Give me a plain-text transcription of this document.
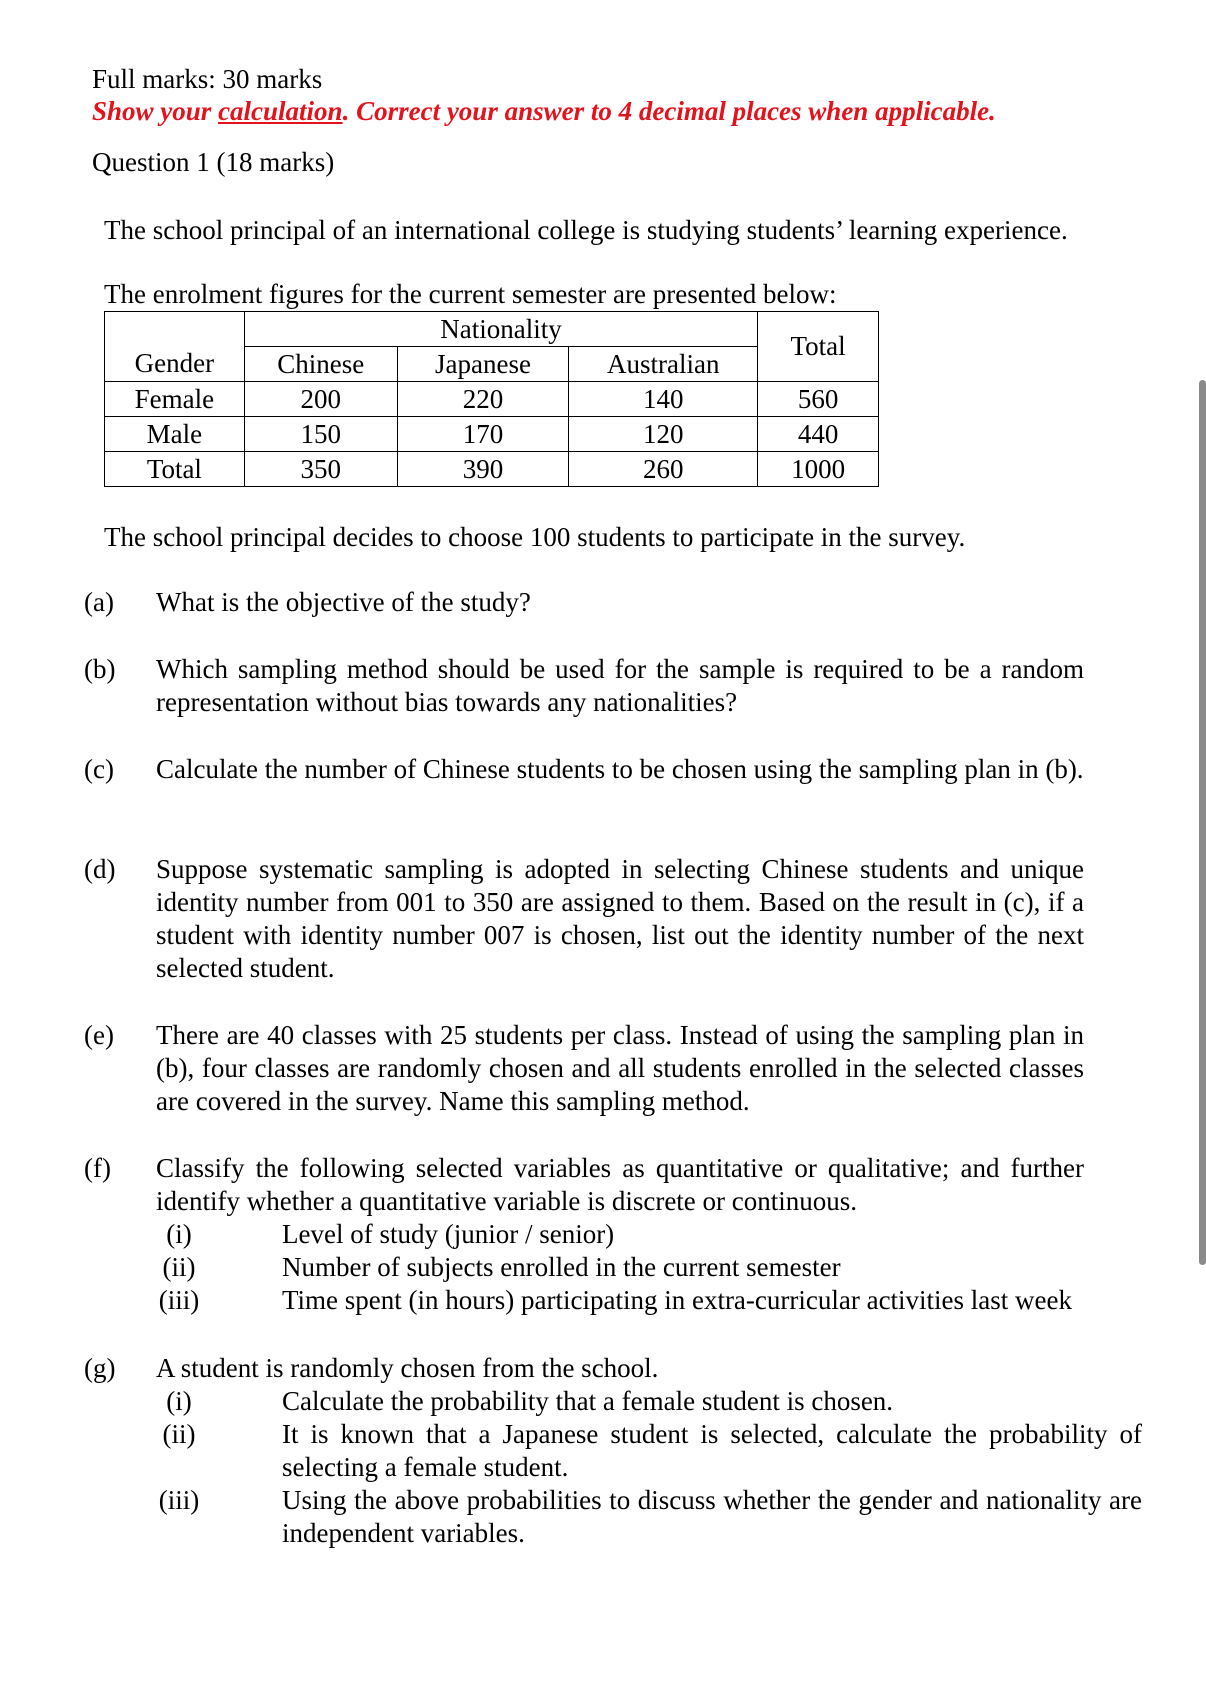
Full marks: 30 marks
Show your calculation. Correct your answer to 4 decimal places when applicable.
Question 1 (18 marks)
The school principal of an international college is studying students’ learning experience.
The enrolment figures for the current semester are presented below:
	Nationality			Total
Gender	Chinese	Japanese	Australian	
Female	200	220	140	560
Male	150	170	120	440
Total	350	390	260	1000
The school principal decides to choose 100 students to participate in the survey.
(a) What is the objective of the study?
(b) Which sampling method should be used for the sample is required to be a random representation without bias towards any nationalities?
(c) Calculate the number of Chinese students to be chosen using the sampling plan in (b).
(d) Suppose systematic sampling is adopted in selecting Chinese students and unique identity number from 001 to 350 are assigned to them. Based on the result in (c), if a student with identity number 007 is chosen, list out the identity number of the next selected student.
(e) There are 40 classes with 25 students per class. Instead of using the sampling plan in (b), four classes are randomly chosen and all students enrolled in the selected classes are covered in the survey. Name this sampling method.
(f) Classify the following selected variables as quantitative or qualitative; and further identify whether a quantitative variable is discrete or continuous.
(i)	Level of study (junior / senior)
(ii)	Number of subjects enrolled in the current semester
(iii)	Time spent (in hours) participating in extra-curricular activities last week
(g) A student is randomly chosen from the school.
(i)	Calculate the probability that a female student is chosen.
(ii)	It is known that a Japanese student is selected, calculate the probability of selecting a female student.
(iii)	Using the above probabilities to discuss whether the gender and nationality are independent variables.
